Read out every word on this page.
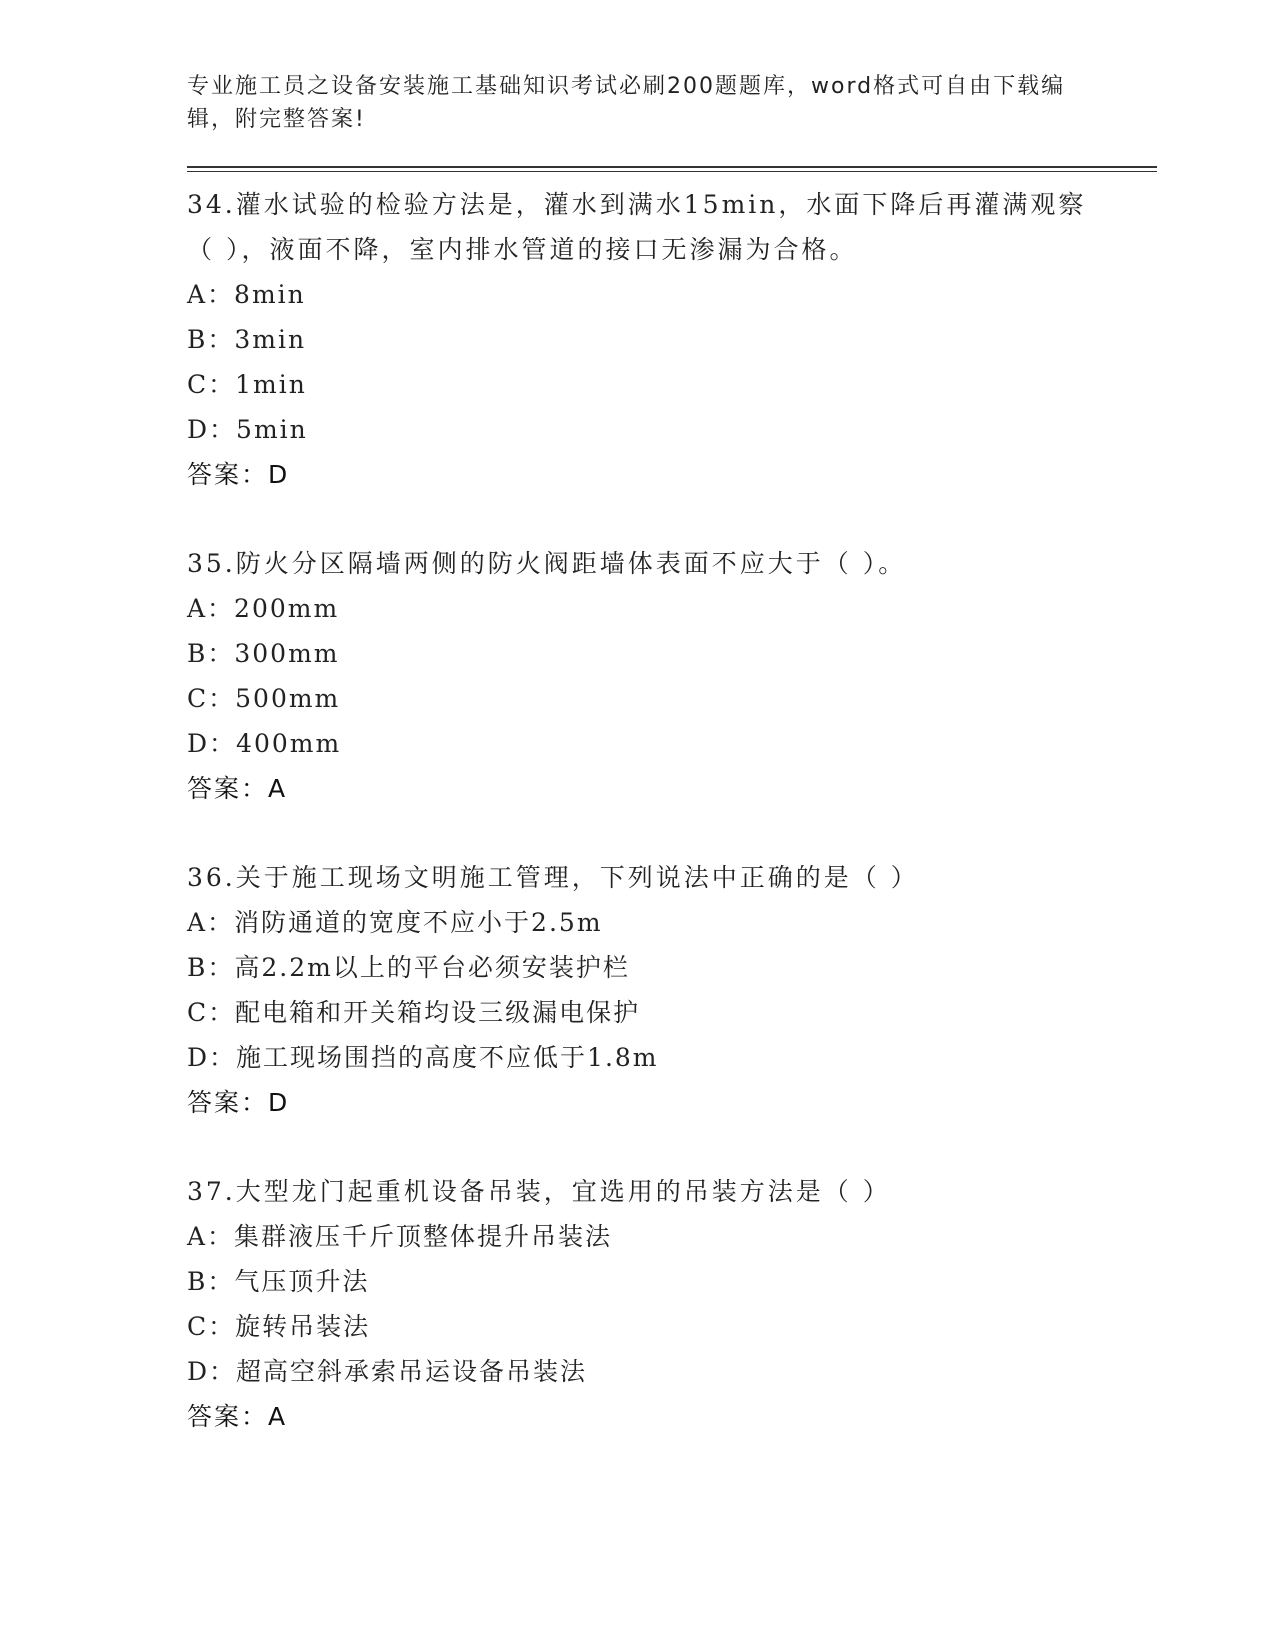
专业施工员之设备安装施工基础知识考试必刷200题题库，word格式可自由下载编辑，附完整答案!
34.灌水试验的检验方法是，灌水到满水15min，水面下降后再灌满观察（ ），液面不降，室内排水管道的接口无渗漏为合格。
A：8min
B：3min
C：1min
D：5min
答案：D
35.防火分区隔墙两侧的防火阀距墙体表面不应大于（ ）。
A：200mm
B：300mm
C：500mm
D：400mm
答案：A
36.关于施工现场文明施工管理，下列说法中正确的是（ ）
A：消防通道的宽度不应小于2.5m
B：高2.2m以上的平台必须安装护栏
C：配电箱和开关箱均设三级漏电保护
D：施工现场围挡的高度不应低于1.8m
答案：D
37.大型龙门起重机设备吊装，宜选用的吊装方法是（ ）
A：集群液压千斤顶整体提升吊装法
B：气压顶升法
C：旋转吊装法
D：超高空斜承索吊运设备吊装法
答案：A
